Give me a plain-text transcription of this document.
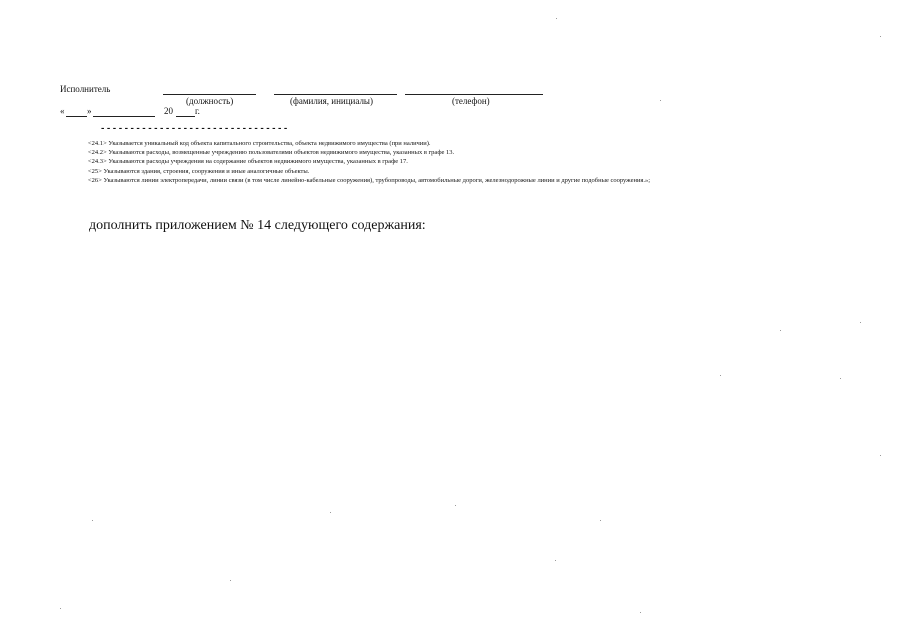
Исполнитель
(должность)	(фамилия, инициалы)	(телефон)
«	»	20 г.
--------------------------------
<24.1> Указывается уникальный код объекта капитального строительства, объекта недвижимого имущества (при наличии).
<24.2> Указываются расходы, возмещенные учреждению пользователями объектов недвижимого имущества, указанных в графе 13.
<24.3> Указываются расходы учреждения на содержание объектов недвижимого имущества, указанных в графе 17.
<25> Указываются здания, строения, сооружения и иные аналогичные объекты.
<26> Указываются линии электропередачи, линии связи (в том числе линейно-кабельные сооружения), трубопроводы, автомобильные дороги, железнодорожные линии и другие подобные сооружения.»;
дополнить приложением № 14 следующего содержания:
